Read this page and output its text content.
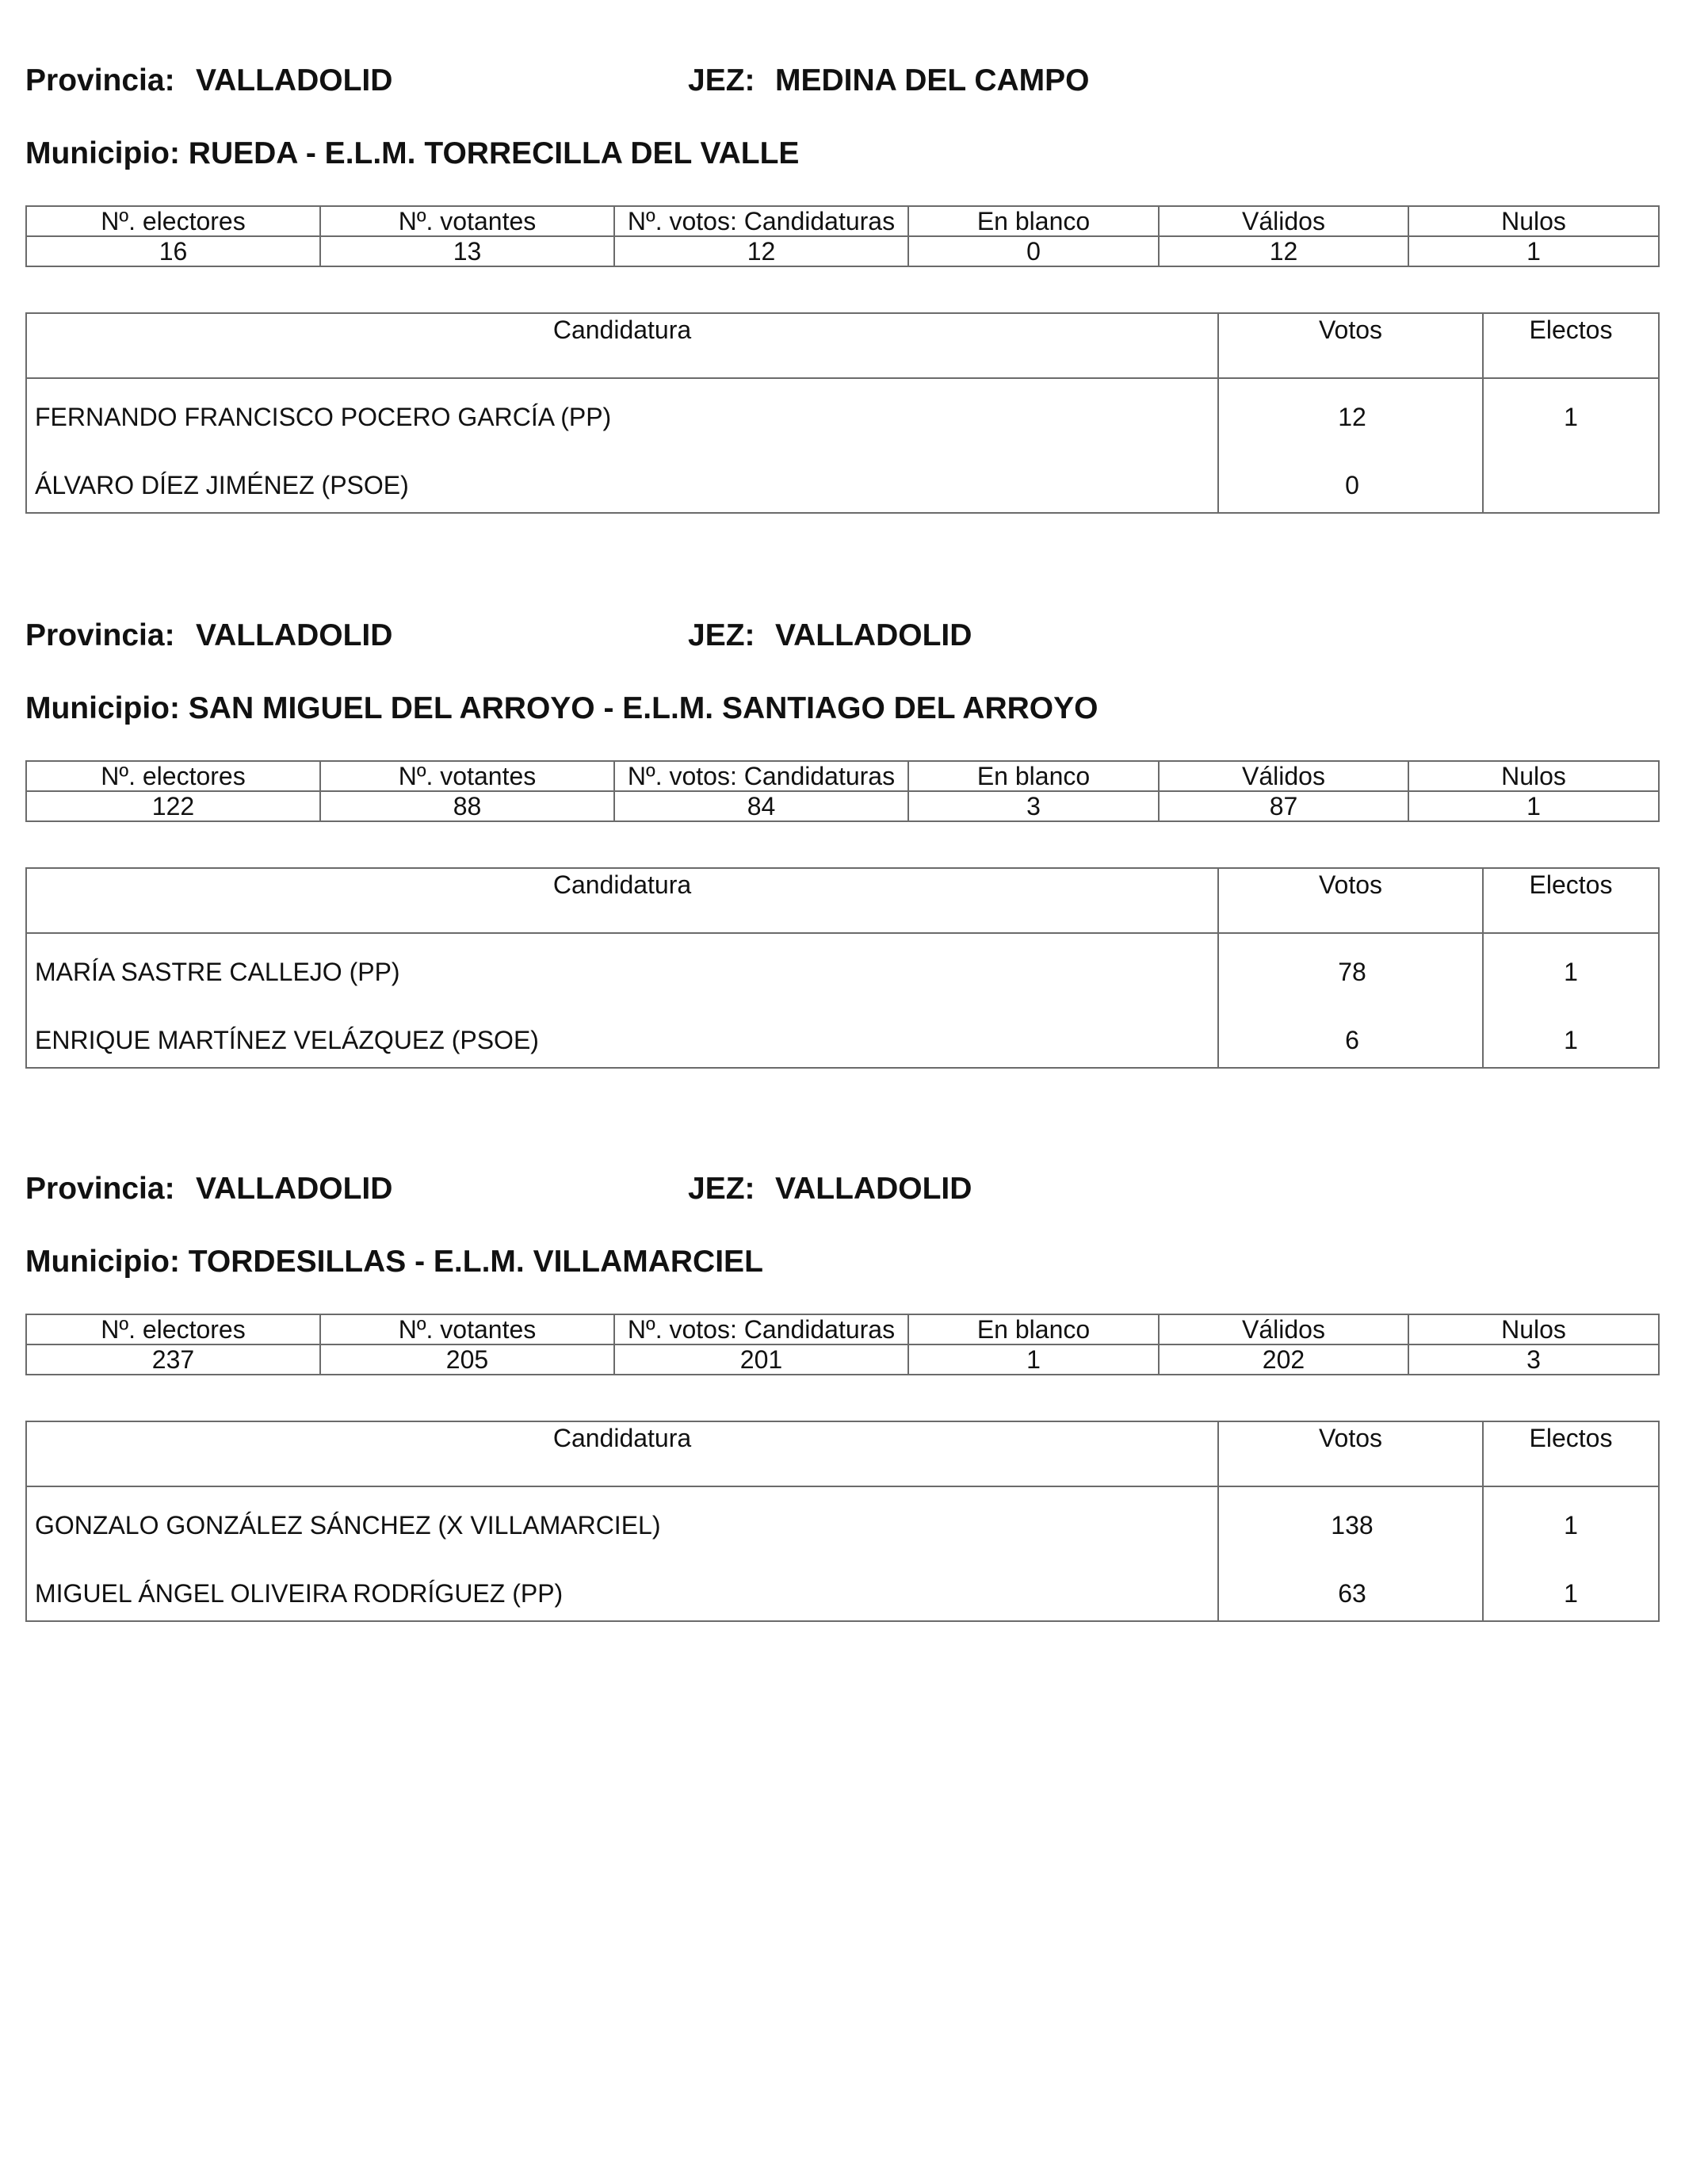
Provincia: VALLADOLID	JEZ: MEDINA DEL CAMPO
Municipio: RUEDA - E.L.M. TORRECILLA DEL VALLE
Nº. electores	Nº. votantes	Nº. votos: Candidaturas	En blanco	Válidos	Nulos
16	13	12	0	12	1
Candidatura	Votos	Electos
FERNANDO FRANCISCO POCERO GARCÍA (PP)	12	1
ÁLVARO DÍEZ JIMÉNEZ (PSOE)	0
Provincia: VALLADOLID	JEZ: VALLADOLID
Municipio: SAN MIGUEL DEL ARROYO - E.L.M. SANTIAGO DEL ARROYO
Nº. electores	Nº. votantes	Nº. votos: Candidaturas	En blanco	Válidos	Nulos
122	88	84	3	87	1
Candidatura	Votos	Electos
MARÍA SASTRE CALLEJO (PP)	78	1
ENRIQUE MARTÍNEZ VELÁZQUEZ (PSOE)	6	1
Provincia: VALLADOLID	JEZ: VALLADOLID
Municipio: TORDESILLAS - E.L.M. VILLAMARCIEL
Nº. electores	Nº. votantes	Nº. votos: Candidaturas	En blanco	Válidos	Nulos
237	205	201	1	202	3
Candidatura	Votos	Electos
GONZALO GONZÁLEZ SÁNCHEZ (X VILLAMARCIEL)	138	1
MIGUEL ÁNGEL OLIVEIRA RODRÍGUEZ (PP)	63	1
